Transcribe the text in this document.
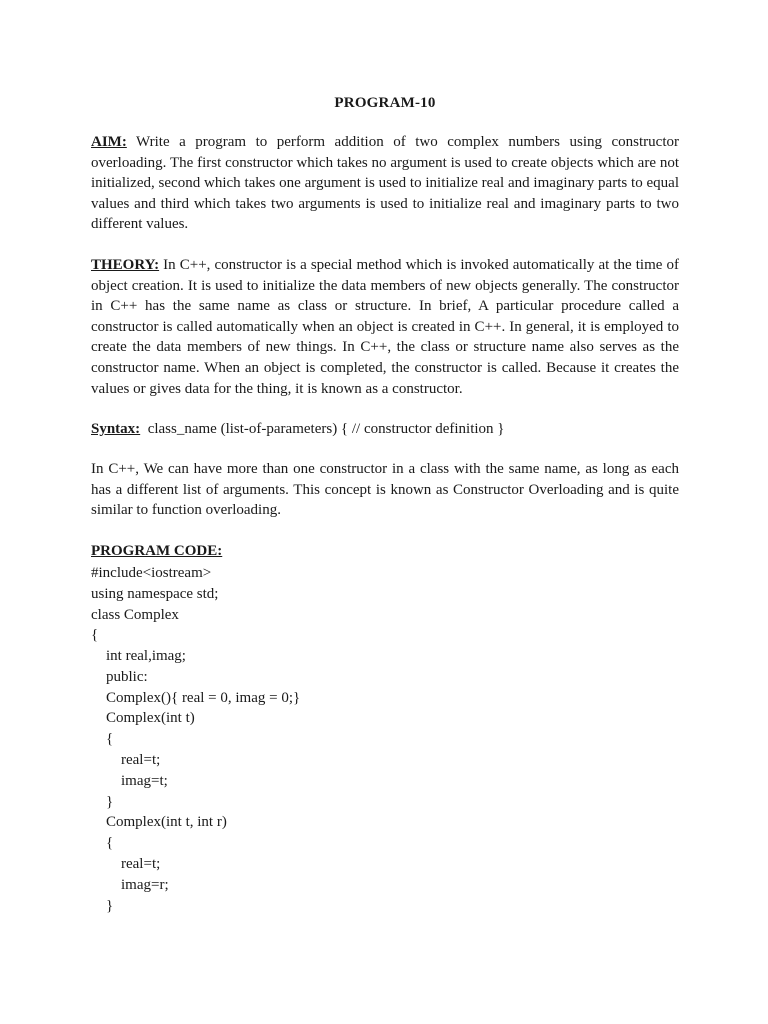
PROGRAM-10

AIM: Write a program to perform addition of two complex numbers using constructor overloading. The first constructor which takes no argument is used to create objects which are not initialized, second which takes one argument is used to initialize real and imaginary parts to equal values and third which takes two arguments is used to initialize real and imaginary parts to two different values.

THEORY: In C++, constructor is a special method which is invoked automatically at the time of object creation. It is used to initialize the data members of new objects generally. The constructor in C++ has the same name as class or structure. In brief, A particular procedure called a constructor is called automatically when an object is created in C++. In general, it is employed to create the data members of new things. In C++, the class or structure name also serves as the constructor name. When an object is completed, the constructor is called. Because it creates the values or gives data for the thing, it is known as a constructor.

Syntax:  class_name (list-of-parameters) { // constructor definition }

In C++, We can have more than one constructor in a class with the same name, as long as each has a different list of arguments. This concept is known as Constructor Overloading and is quite similar to function overloading.

PROGRAM CODE:
#include<iostream>
using namespace std;
class Complex
{
int real,imag;
public:
Complex(){ real = 0, imag = 0;}
Complex(int t)
{
real=t;
imag=t;
}
Complex(int t, int r)
{
real=t;
imag=r;
}
